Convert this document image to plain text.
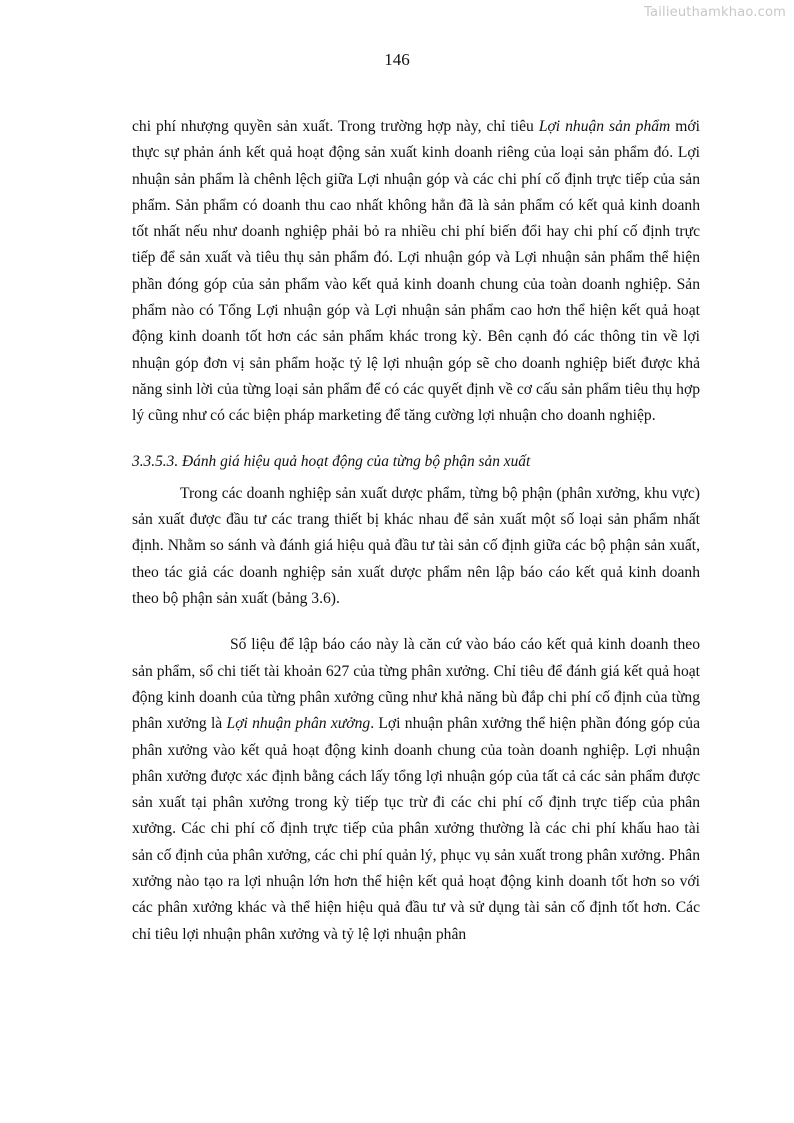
Tailieuthamkhao.com
146

chi phí nhượng quyền sản xuất. Trong trường hợp này, chỉ tiêu Lợi nhuận sản phẩm mới thực sự phản ánh kết quả hoạt động sản xuất kinh doanh riêng của loại sản phẩm đó. Lợi nhuận sản phẩm là chênh lệch giữa Lợi nhuận góp và các chi phí cố định trực tiếp của sản phẩm. Sản phẩm có doanh thu cao nhất không hẳn đã là sản phẩm có kết quả kinh doanh tốt nhất nếu như doanh nghiệp phải bỏ ra nhiều chi phí biến đổi hay chi phí cố định trực tiếp để sản xuất và tiêu thụ sản phẩm đó. Lợi nhuận góp và Lợi nhuận sản phẩm thể hiện phần đóng góp của sản phẩm vào kết quả kinh doanh chung của toàn doanh nghiệp. Sản phẩm nào có Tổng Lợi nhuận góp và Lợi nhuận sản phẩm cao hơn thể hiện kết quả hoạt động kinh doanh tốt hơn các sản phẩm khác trong kỳ. Bên cạnh đó các thông tin về lợi nhuận góp đơn vị sản phẩm hoặc tỷ lệ lợi nhuận góp sẽ cho doanh nghiệp biết được khả năng sinh lời của từng loại sản phẩm để có các quyết định về cơ cấu sản phẩm tiêu thụ hợp lý cũng như có các biện pháp marketing để tăng cường lợi nhuận cho doanh nghiệp.

3.3.5.3. Đánh giá hiệu quả hoạt động của từng bộ phận sản xuất

Trong các doanh nghiệp sản xuất dược phẩm, từng bộ phận (phân xưởng, khu vực) sản xuất được đầu tư các trang thiết bị khác nhau để sản xuất một số loại sản phẩm nhất định. Nhằm so sánh và đánh giá hiệu quả đầu tư tài sản cố định giữa các bộ phận sản xuất, theo tác giả các doanh nghiệp sản xuất dược phẩm nên lập báo cáo kết quả kinh doanh theo bộ phận sản xuất (bảng 3.6).

Số liệu để lập báo cáo này là căn cứ vào báo cáo kết quả kinh doanh theo sản phẩm, sổ chi tiết tài khoản 627 của từng phân xưởng. Chỉ tiêu để đánh giá kết quả hoạt động kinh doanh của từng phân xưởng cũng như khả năng bù đắp chi phí cố định của từng phân xưởng là Lợi nhuận phân xưởng. Lợi nhuận phân xưởng thể hiện phần đóng góp của phân xưởng vào kết quả hoạt động kinh doanh chung của toàn doanh nghiệp. Lợi nhuận phân xưởng được xác định bằng cách lấy tổng lợi nhuận góp của tất cả các sản phẩm được sản xuất tại phân xưởng trong kỳ tiếp tục trừ đi các chi phí cố định trực tiếp của phân xưởng. Các chi phí cố định trực tiếp của phân xưởng thường là các chi phí khấu hao tài sản cố định của phân xưởng, các chi phí quản lý, phục vụ sản xuất trong phân xưởng. Phân xưởng nào tạo ra lợi nhuận lớn hơn thể hiện kết quả hoạt động kinh doanh tốt hơn so với các phân xưởng khác và thể hiện hiệu quả đầu tư và sử dụng tài sản cố định tốt hơn. Các chỉ tiêu lợi nhuận phân xưởng và tỷ lệ lợi nhuận phân
